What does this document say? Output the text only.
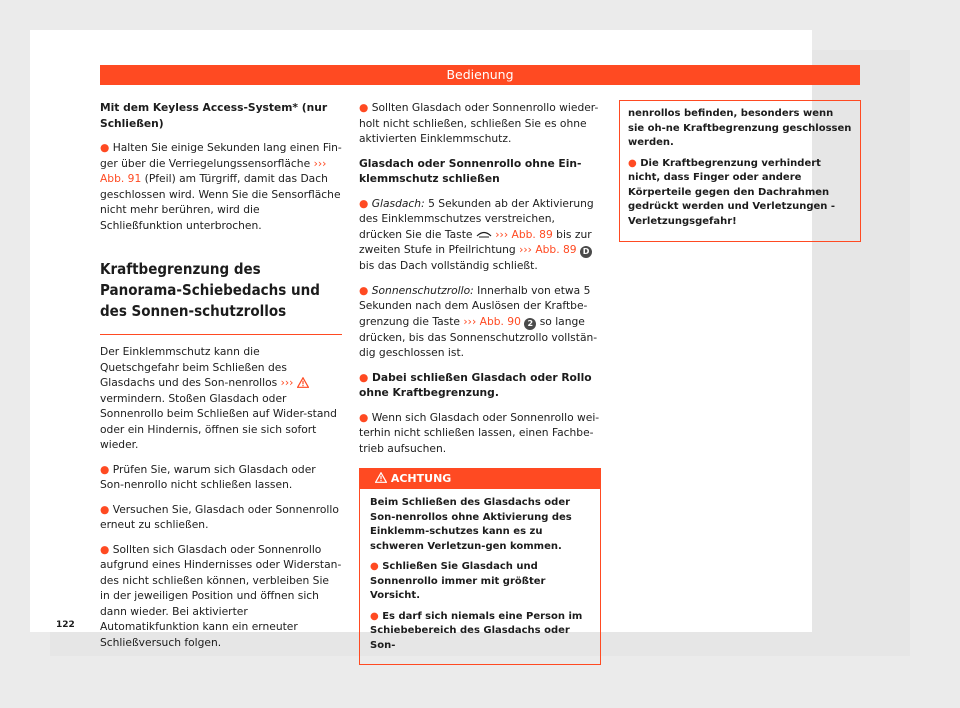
Bedienung

Mit dem Keyless Access-System* (nur Schließen)

● Halten Sie einige Sekunden lang einen Fin-ger über die Verriegelungssensorfläche ››› Abb. 91 (Pfeil) am Türgriff, damit das Dach geschlossen wird. Wenn Sie die Sensorfläche nicht mehr berühren, wird die Schließfunktion unterbrochen.

Kraftbegrenzung des Panorama-Schiebedachs und des Sonnen-schutzrollos

Der Einklemmschutz kann die Quetschgefahr beim Schließen des Glasdachs und des Son-nenrollos ›››  vermindern. Stoßen Glasdach oder Sonnenrollo beim Schließen auf Wider-stand oder ein Hindernis, öffnen sie sich sofort wieder.

● Prüfen Sie, warum sich Glasdach oder Son-nenrollo nicht schließen lassen.

● Versuchen Sie, Glasdach oder Sonnenrollo erneut zu schließen.

● Sollten sich Glasdach oder Sonnenrollo aufgrund eines Hindernisses oder Widerstan-des nicht schließen können, verbleiben Sie in der jeweiligen Position und öffnen sich dann wieder. Bei aktivierter Automatikfunktion kann ein erneuter Schließversuch folgen.

● Sollten Glasdach oder Sonnenrollo wieder-holt nicht schließen, schließen Sie es ohne aktivierten Einklemmschutz.

Glasdach oder Sonnenrollo ohne Ein-klemmschutz schließen

● Glasdach: 5 Sekunden ab der Aktivierung des Einklemmschutzes verstreichen, drücken Sie die Taste  ››› Abb. 89 bis zur zweiten Stufe in Pfeilrichtung ››› Abb. 89 D bis das Dach vollständig schließt.

● Sonnenschutzrollo: Innerhalb von etwa 5 Sekunden nach dem Auslösen der Kraftbe-grenzung die Taste ››› Abb. 90 2 so lange drücken, bis das Sonnenschutzrollo vollstän-dig geschlossen ist.

● Dabei schließen Glasdach oder Rollo ohne Kraftbegrenzung.

● Wenn sich Glasdach oder Sonnenrollo wei-terhin nicht schließen lassen, einen Fachbe-trieb aufsuchen.

ACHTUNG

Beim Schließen des Glasdachs oder Son-nenrollos ohne Aktivierung des Einklemm-schutzes kann es zu schweren Verletzun-gen kommen.

● Schließen Sie Glasdach und Sonnenrollo immer mit größter Vorsicht.

● Es darf sich niemals eine Person im Schiebebereich des Glasdachs oder Son-

nenrollos befinden, besonders wenn sie oh-ne Kraftbegrenzung geschlossen werden.

● Die Kraftbegrenzung verhindert nicht, dass Finger oder andere Körperteile gegen den Dachrahmen gedrückt werden und Verletzungen - Verletzungsgefahr!

122
